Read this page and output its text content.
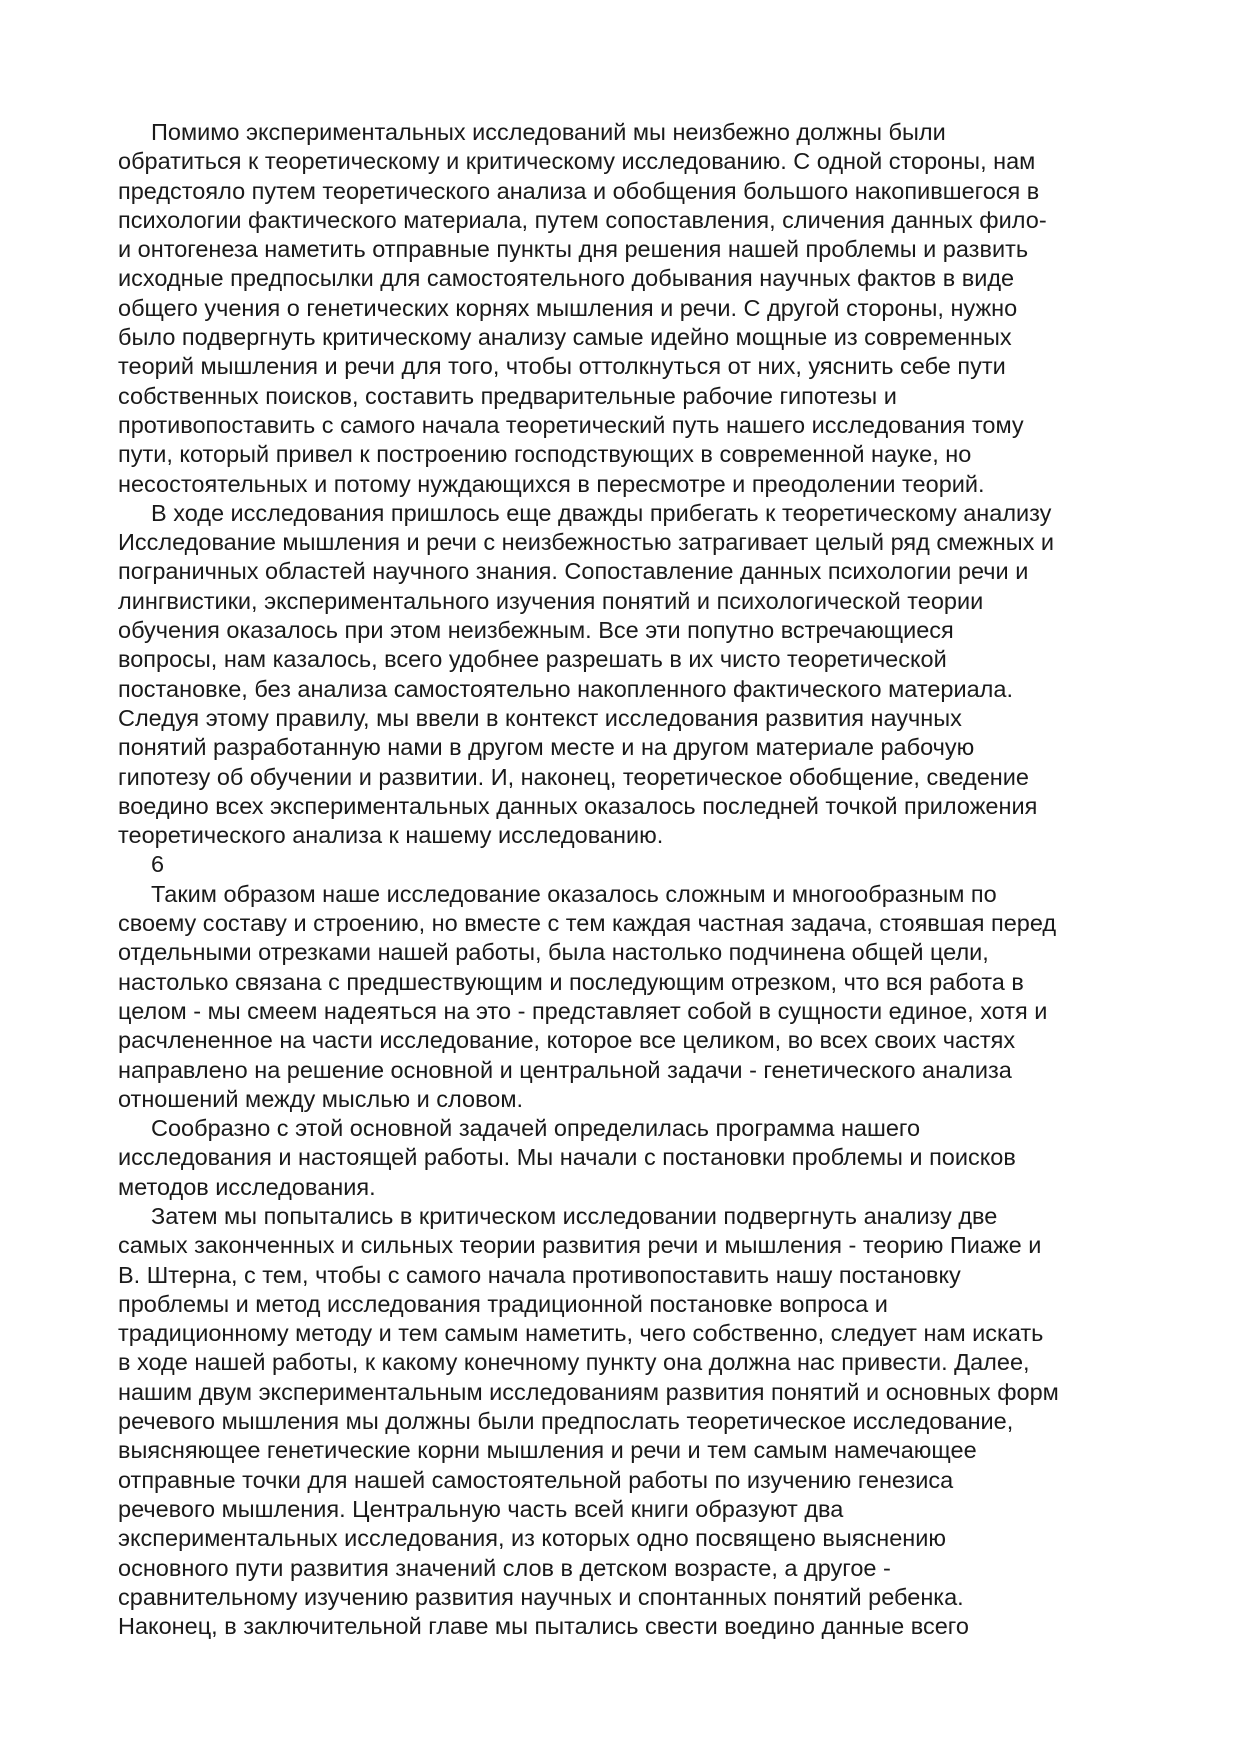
Помимо экспериментальных исследований мы неизбежно должны были
обратиться к теоретическому и критическому исследованию. С одной стороны, нам
предстояло путем теоретического анализа и обобщения большого накопившегося в
психологии фактического материала, путем сопоставления, сличения данных фило-
и онтогенеза наметить отправные пункты дня решения нашей проблемы и развить
исходные предпосылки для самостоятельного добывания научных фактов в виде
общего учения о генетических корнях мышления и речи. С другой стороны, нужно
было подвергнуть критическому анализу самые идейно мощные из современных
теорий мышления и речи для того, чтобы оттолкнуться от них, уяснить себе пути
собственных поисков, составить предварительные рабочие гипотезы и
противопоставить с самого начала теоретический путь нашего исследования тому
пути, который привел к построению господствующих в современной науке, но
несостоятельных и потому нуждающихся в пересмотре и преодолении теорий.

В ходе исследования пришлось еще дважды прибегать к теоретическому анализу
Исследование мышления и речи с неизбежностью затрагивает целый ряд смежных и
пограничных областей научного знания. Сопоставление данных психологии речи и
лингвистики, экспериментального изучения понятий и психологической теории
обучения оказалось при этом неизбежным. Все эти попутно встречающиеся
вопросы, нам казалось, всего удобнее разрешать в их чисто теоретической
постановке, без анализа самостоятельно накопленного фактического материала.
Следуя этому правилу, мы ввели в контекст исследования развития научных
понятий разработанную нами в другом месте и на другом материале рабочую
гипотезу об обучении и развитии. И, наконец, теоретическое обобщение, сведение
воедино всех экспериментальных данных оказалось последней точкой приложения
теоретического анализа к нашему исследованию.

6

Таким образом наше исследование оказалось сложным и многообразным по
своему составу и строению, но вместе с тем каждая частная задача, стоявшая перед
отдельными отрезками нашей работы, была настолько подчинена общей цели,
настолько связана с предшествующим и последующим отрезком, что вся работа в
целом - мы смеем надеяться на это - представляет собой в сущности единое, хотя и
расчлененное на части исследование, которое все целиком, во всех своих частях
направлено на решение основной и центральной задачи - генетического анализа
отношений между мыслью и словом.

Сообразно с этой основной задачей определилась программа нашего
исследования и настоящей работы. Мы начали с постановки проблемы и поисков
методов исследования.

Затем мы попытались в критическом исследовании подвергнуть анализу две
самых законченных и сильных теории развития речи и мышления - теорию Пиаже и
В. Штерна, с тем, чтобы с самого начала противопоставить нашу постановку
проблемы и метод исследования традиционной постановке вопроса и
традиционному методу и тем самым наметить, чего собственно, следует нам искать
в ходе нашей работы, к какому конечному пункту она должна нас привести. Далее,
нашим двум экспериментальным исследованиям развития понятий и основных форм
речевого мышления мы должны были предпослать теоретическое исследование,
выясняющее генетические корни мышления и речи и тем самым намечающее
отправные точки для нашей самостоятельной работы по изучению генезиса
речевого мышления. Центральную часть всей книги образуют два
экспериментальных исследования, из которых одно посвящено выяснению
основного пути развития значений слов в детском возрасте, а другое -
сравнительному изучению развития научных и спонтанных понятий ребенка.
Наконец, в заключительной главе мы пытались свести воедино данные всего
